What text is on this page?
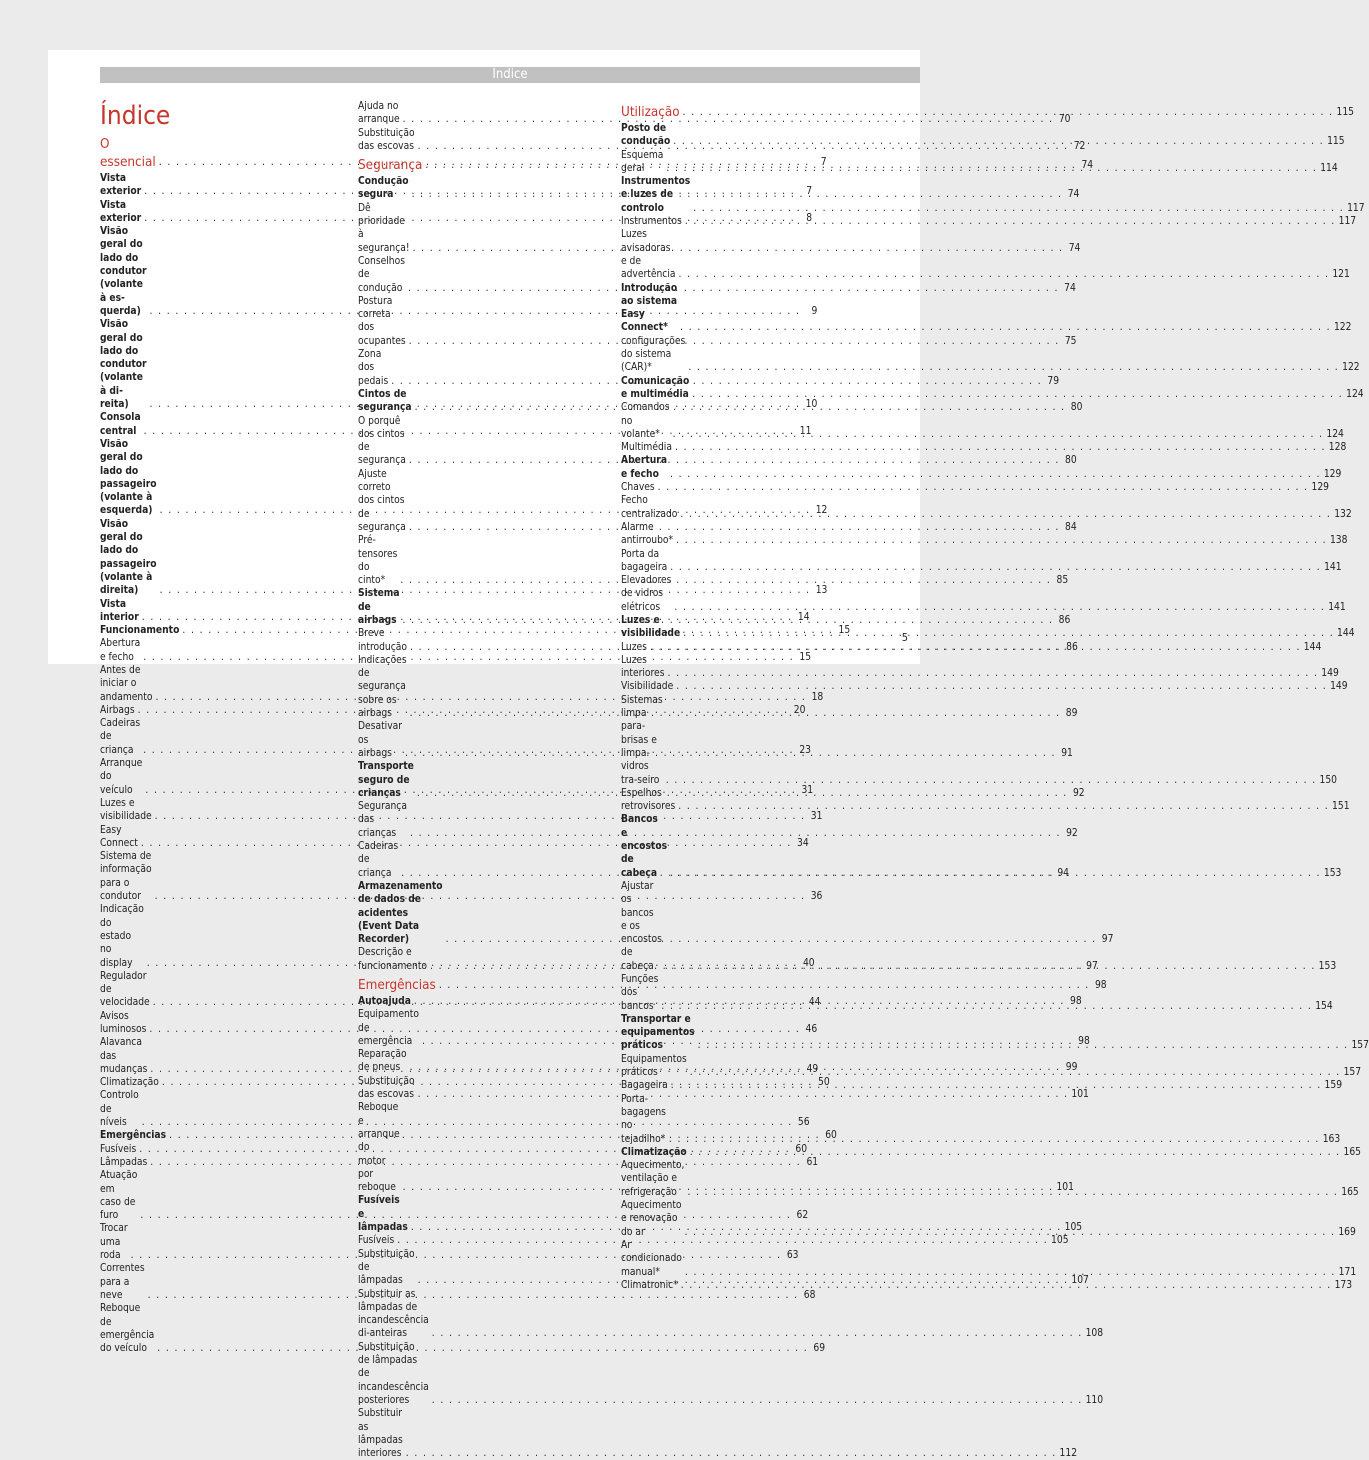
Índice
Índice
O essencial . . .	7
Vista exterior . . .	7
Vista exterior . . .	8
Visão geral do lado do condutor (volante à es-querda) . . .	9
Visão geral do lado do condutor (volante à di-reita) . . .	10
Consola central . . .	11
Visão geral do lado do passageiro (volante à esquerda) . . .	12
Visão geral do lado do passageiro (volante à direita) . . .	13
Vista interior . . .	14
Funcionamento . . .	15
Abertura e fecho . . .	15
Antes de iniciar o andamento . . .	18
Airbags . . .	20
Cadeiras de criança . . .	23
Arranque do veículo . . .	31
Luzes e visibilidade . . .	31
Easy Connect . . .	34
Sistema de informação para o condutor . . .	36
Indicação do estado no display . . .	40
Regulador de velocidade . . .	44
Avisos luminosos . . .	46
Alavanca das mudanças . . .	49
Climatização . . .	50
Controlo de níveis . . .	56
Emergências . . .	60
Fusíveis . . .	60
Lâmpadas . . .	61
Atuação em caso de furo . . .	62
Trocar uma roda . . .	63
Correntes para a neve . . .	68
Reboque de emergência do veículo . . .	69
Ajuda no arranque . . .	70
Substituição das escovas . . .	72
Segurança . . .	74
Condução segura . . .	74
Dê prioridade à segurança! . . .	74
Conselhos de condução . . .	74
Postura correta dos ocupantes . . .	75
Zona dos pedais . . .	79
Cintos de segurança . . .	80
O porquê dos cintos de segurança . . .	80
Ajuste correto dos cintos de segurança . . .	84
Pré-tensores do cinto* . . .	85
Sistema de airbags . . .	86
Breve introdução . . .	86
Indicações de segurança sobre os airbags . . .	89
Desativar os airbags . . .	91
Transporte seguro de crianças . . .	92
Segurança das crianças . . .	92
Cadeiras de criança . . .	94
Armazenamento de dados de acidentes (Event Data Recorder) . . .	97
Descrição e funcionamento . . .	97
Emergências . . .	98
Autoajuda . . .	98
Equipamento de emergência . . .	98
Reparação de pneus . . .	99
Substituição das escovas . . .	101
Reboque e arranque do motor por reboque . . .	101
Fusíveis e lâmpadas . . .	105
Fusíveis . . .	105
Substituição de lâmpadas . . .	107
Substituir as lâmpadas de incandescência di-anteiras . . .	108
Substituição de lâmpadas de incandescência posteriores . . .	110
Substituir as lâmpadas interiores . . .	112
Utilização . . .	115
Posto de condução . . .	115
Esquema geral . . .	114
Instrumentos e luzes de controlo . . .	117
Instrumentos . . .	117
Luzes avisadoras e de advertência . . .	121
Introdução ao sistema Easy Connect* . . .	122
configurações do sistema (CAR)* . . .	122
Comunicação e multimédia . . .	124
Comandos no volante* . . .	124
Multimédia . . .	128
Abertura e fecho . . .	129
Chaves . . .	129
Fecho centralizado . . .	132
Alarme antirroubo* . . .	138
Porta da bagageira . . .	141
Elevadores de vidros elétricos . . .	141
Luzes e visibilidade . . .	144
Luzes . . .	144
Luzes interiores . . .	149
Visibilidade . . .	149
Sistemas limpa para-brisas e limpa-vidros tra-seiro . . .	150
Espelhos retrovisores . . .	151
Bancos e encostos de cabeça . . .	153
Ajustar os bancos e os encostos de cabeça . . .	153
Funções dos bancos . . .	154
Transportar e equipamentos práticos . . .	157
Equipamentos práticos . . .	157
Bagageira . . .	159
Porta-bagagens no tejadilho* . . .	163
Climatização . . .	165
Aquecimento, ventilação e refrigeração . . .	165
Aquecimento e renovação do ar . . .	169
Ar condicionado manual* . . .	171
Climatronic* . . .	173
5
